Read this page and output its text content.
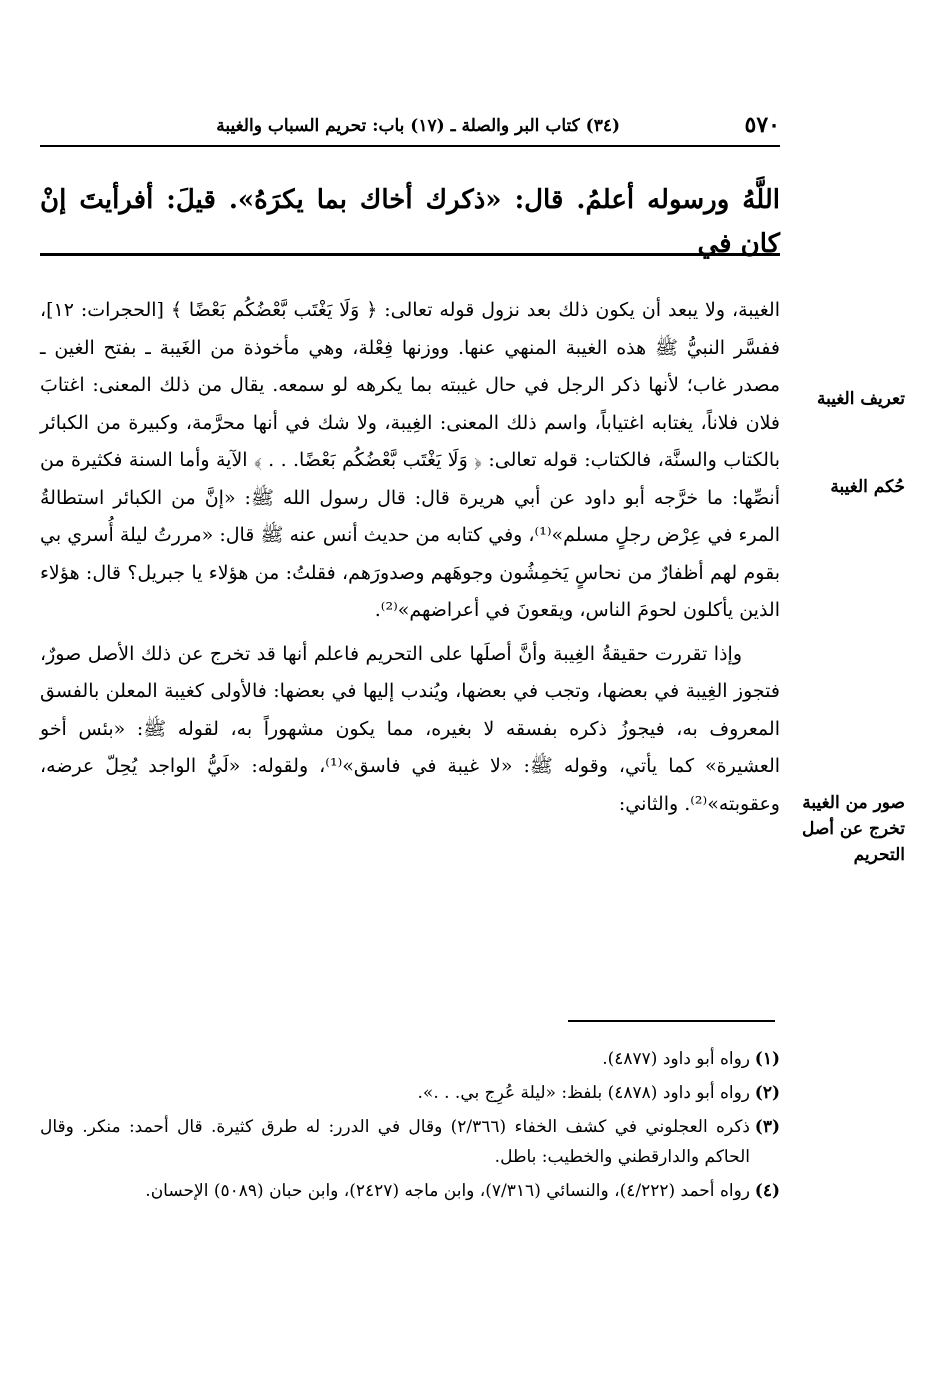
٥٧٠
(٣٤) كتاب البر والصلة ـ (١٧) باب: تحريم السباب والغيبة
اللَّهُ ورسوله أعلمُ. قال: «ذكرك أخاك بما يكرَهُ». قيلَ: أفرأيتَ إنْ كان في

الغيبة، ولا يبعد أن يكون ذلك بعد نزول قوله تعالى: ﴿ وَلَا يَغْتَب بَّعْضُكُم بَعْضًا ﴾ [الحجرات: ١٢]، ففسَّر النبيُّ ﷺ هذه الغيبة المنهي عنها. ووزنها فِعْلة، وهي مأخوذة من الغَيبة ـ بفتح الغين ـ مصدر غاب؛ لأنها ذكر الرجل في حال غيبته بما يكرهه لو سمعه. يقال من ذلك المعنى: اغتابَ فلان فلاناً، يغتابه اغتياباً، واسم ذلك المعنى: الغِيبة، ولا شك في أنها محرَّمة، وكبيرة من الكبائر بالكتاب والسنَّة، فالكتاب: قوله تعالى: ﴿ وَلَا يَغْتَب بَّعْضُكُم بَعْضًا. . . ﴾ الآية وأما السنة فكثيرة من أنصِّها: ما خرَّجه أبو داود عن أبي هريرة قال: قال رسول الله ﷺ: «إنَّ من الكبائر استطالةُ المرء في عِرْض رجلٍ مسلم»⁽¹⁾، وفي كتابه من حديث أنس عنه ﷺ قال: «مررتُ ليلة أُسري بي بقوم لهم أظفارٌ من نحاسٍ يَخمِشُون وجوهَهم وصدورَهم، فقلتُ: من هؤلاء يا جبريل؟ قال: هؤلاء الذين يأكلون لحومَ الناس، ويقعونَ في أعراضهم»⁽²⁾.

وإذا تقررت حقيقةُ الغِيبة وأنَّ أصلَها على التحريم فاعلم أنها قد تخرج عن ذلك الأصل صورٌ، فتجوز الغِيبة في بعضها، وتجب في بعضها، ويُندب إليها في بعضها: فالأولى كغيبة المعلن بالفسق المعروف به، فيجوزُ ذكره بفسقه لا بغيره، مما يكون مشهوراً به، لقوله ﷺ: «بئس أخو العشيرة» كما يأتي، وقوله ﷺ: «لا غيبة في فاسق»⁽¹⁾، ولقوله: «لَيُّ الواجد يُحِلّ عرضه، وعقوبته»⁽²⁾. والثاني:

تعريف الغيبة
حُكم الغيبة
صور من الغيبة تخرج عن أصل التحريم
(١)
رواه أبو داود (٤٨٧٧).
(٢)
رواه أبو داود (٤٨٧٨) بلفظ: «ليلة عُرِج بي. . .».
(٣)
ذكره العجلوني في كشف الخفاء (٢/٣٦٦) وقال في الدرر: له طرق كثيرة. قال أحمد: منكر. وقال الحاكم والدارقطني والخطيب: باطل.
(٤)
رواه أحمد (٤/٢٢٢)، والنسائي (٧/٣١٦)، وابن ماجه (٢٤٢٧)، وابن حبان (٥٠٨٩) الإحسان.
